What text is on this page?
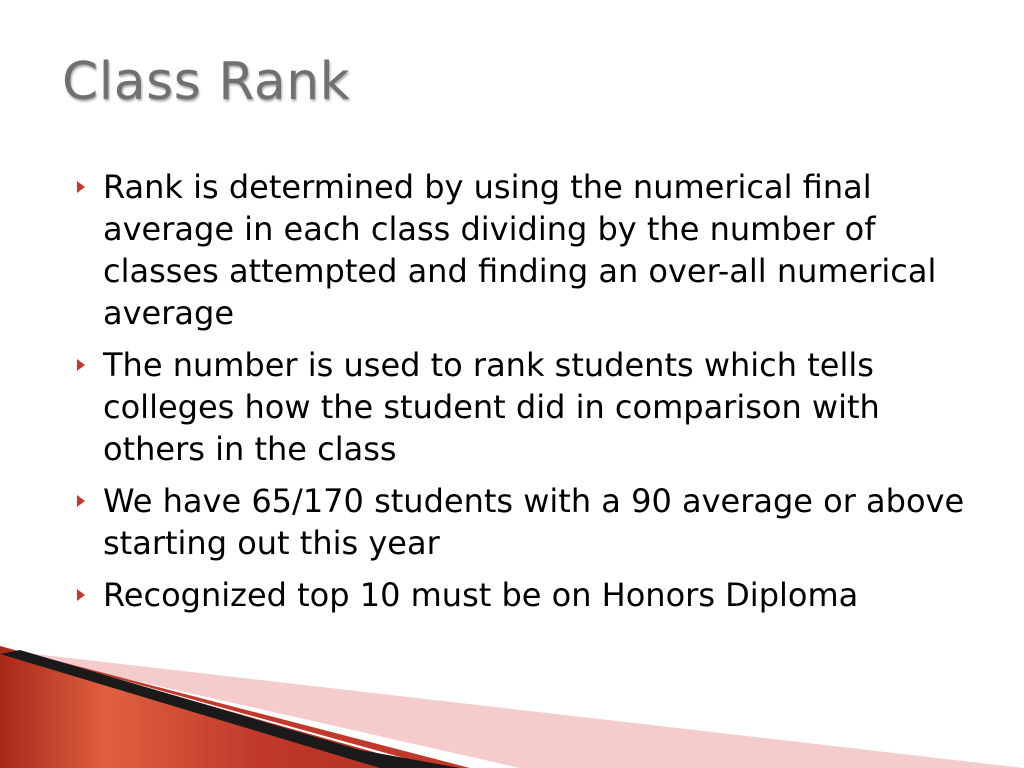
Class Rank
Rank is determined by using the numerical final average in each class dividing by the number of classes attempted and finding an over-all numerical average
The number is used to rank students which tells colleges how the student did in comparison with others in the class
We have 65/170 students with a 90 average or above starting out this year
Recognized top 10 must be on Honors Diploma
